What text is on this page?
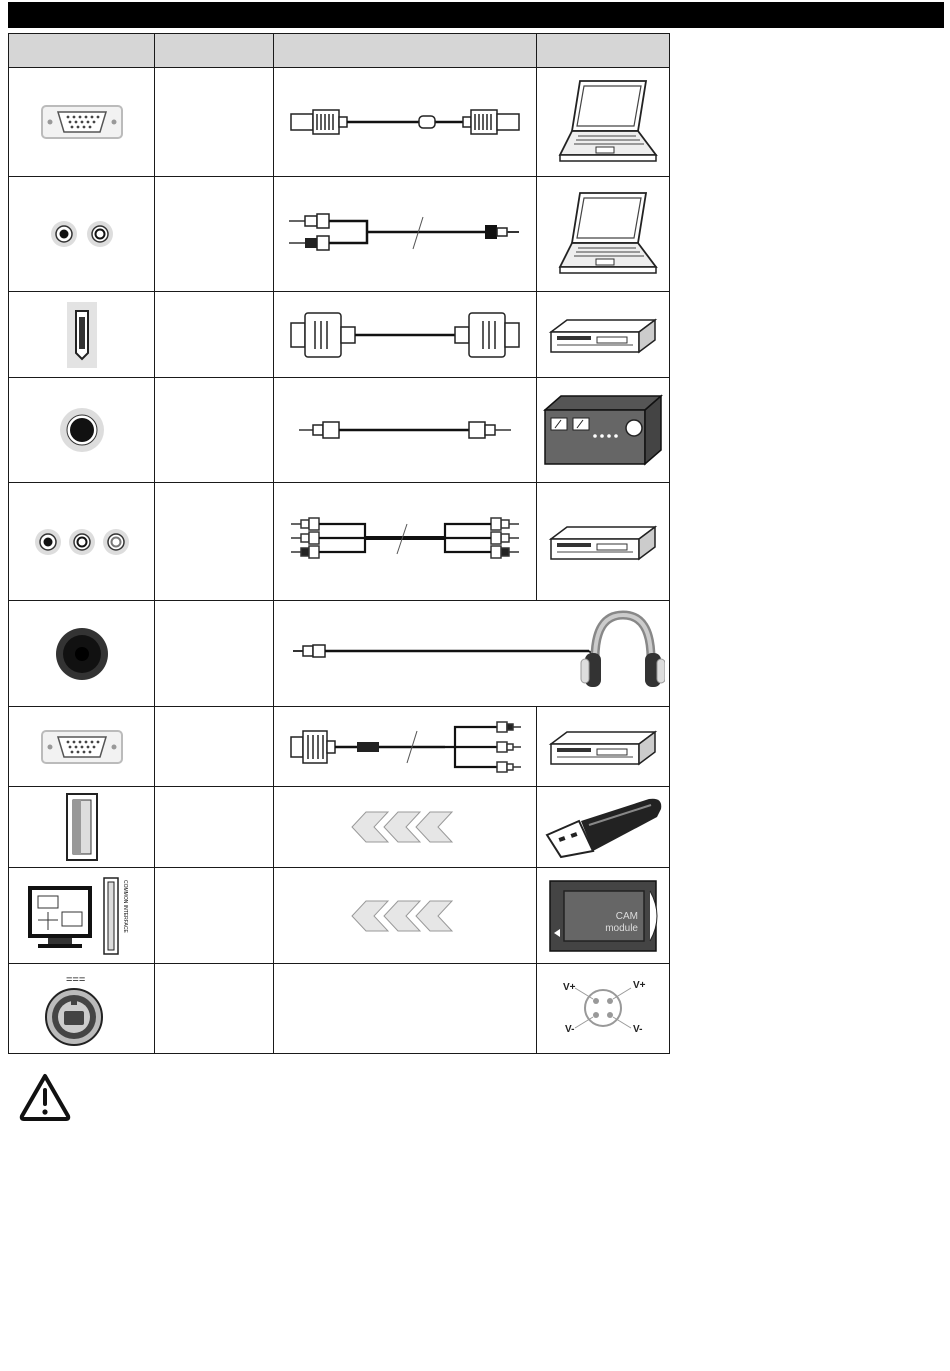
COMMON INTERFACE			CAM
module

===			V+ V+
V- V-
